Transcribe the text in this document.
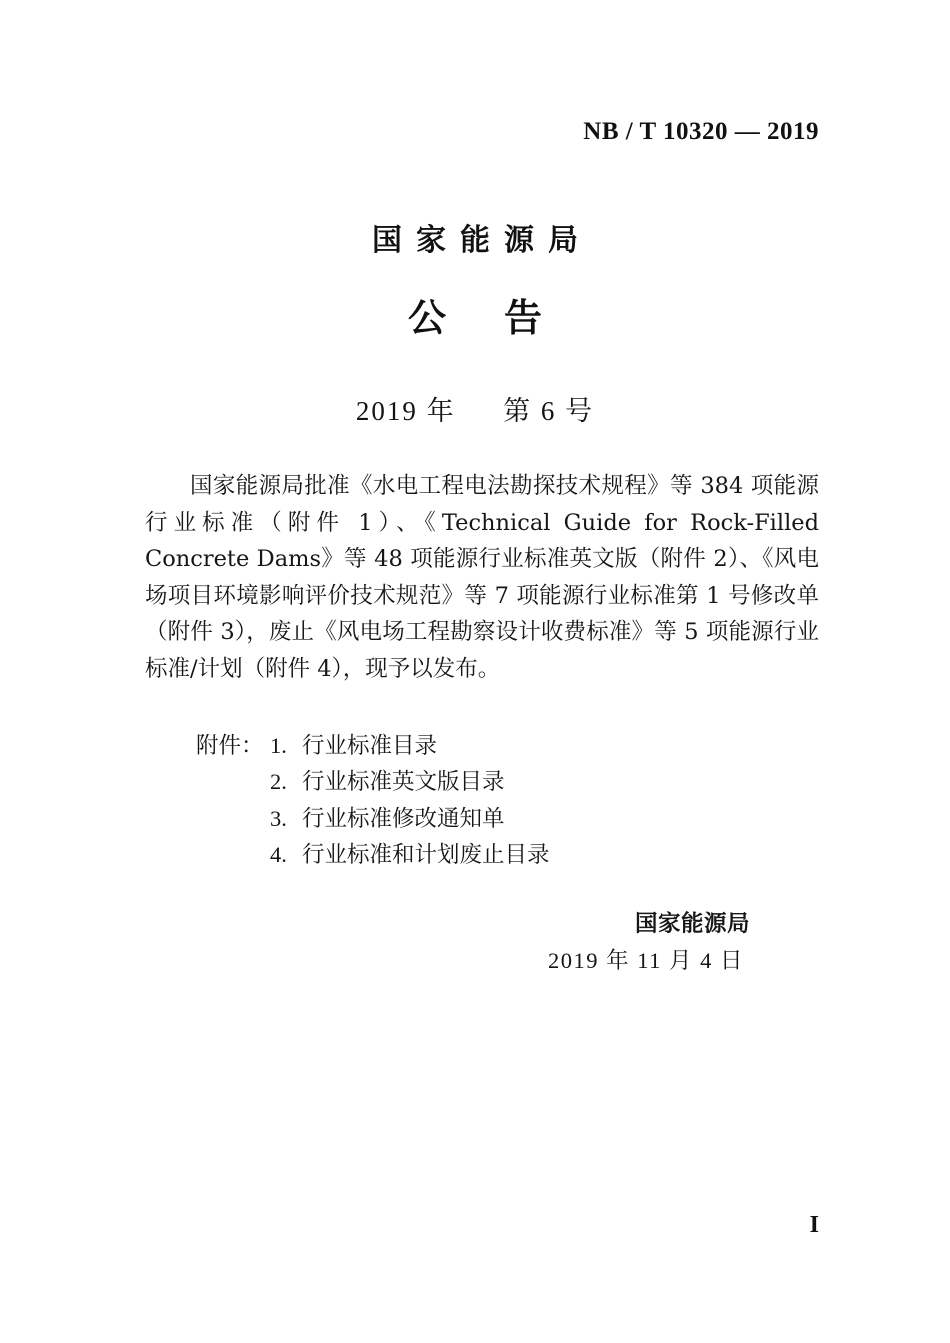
NB / T 10320 — 2019
国家能源局
公告
2019 年 第 6 号

国家能源局批准《水电工程电法勘探技术规程》等 384 项能源行业标准（附件 1）、《Technical Guide for Rock-Filled Concrete Dams》等 48 项能源行业标准英文版（附件 2）、《风电场项目环境影响评价技术规范》等 7 项能源行业标准第 1 号修改单（附件 3），废止《风电场工程勘察设计收费标准》等 5 项能源行业标准/计划（附件 4），现予以发布。

附件： 1. 行业标准目录
2. 行业标准英文版目录
3. 行业标准修改通知单
4. 行业标准和计划废止目录
国家能源局
2019 年 11 月 4 日
I
